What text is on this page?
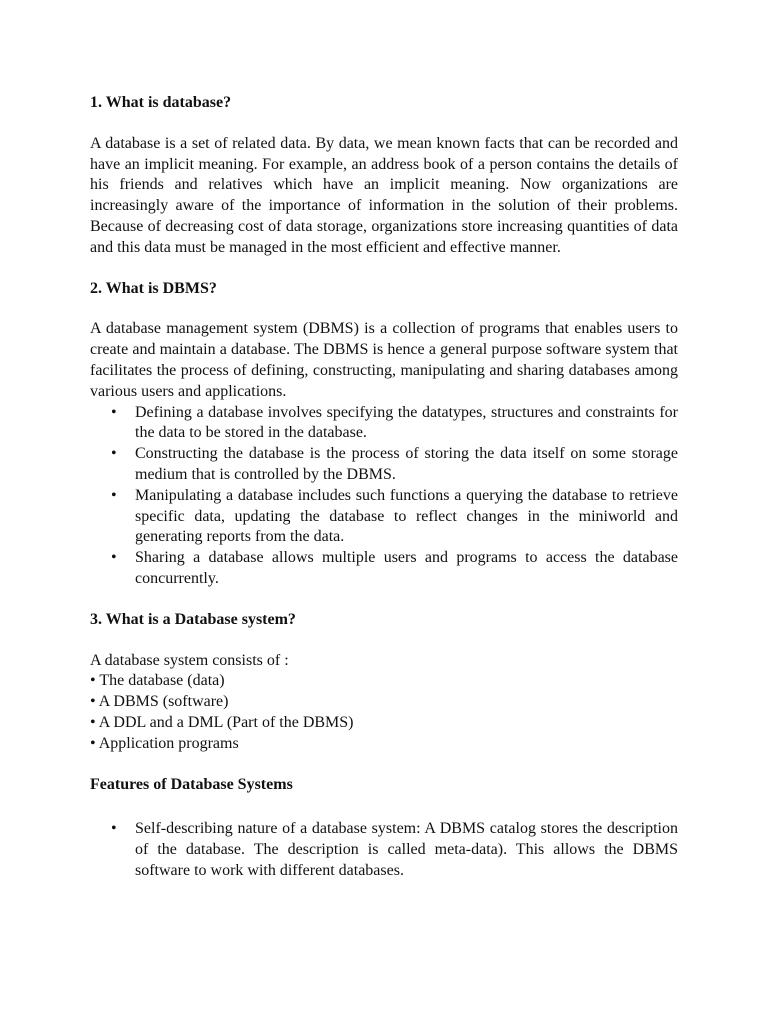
1. What is database?

A database is a set of related data. By data, we mean known facts that can be recorded and have an implicit meaning. For example, an address book of a person contains the details of his friends and relatives which have an implicit meaning. Now organizations are increasingly aware of the importance of information in the solution of their problems. Because of decreasing cost of data storage, organizations store increasing quantities of data and this data must be managed in the most efficient and effective manner.

2. What is DBMS?

A database management system (DBMS) is a collection of programs that enables users to create and maintain a database. The DBMS is hence a general purpose software system that facilitates the process of defining, constructing, manipulating and sharing databases among various users and applications.

• Defining a database involves specifying the datatypes, structures and constraints for the data to be stored in the database.
• Constructing the database is the process of storing the data itself on some storage medium that is controlled by the DBMS.
• Manipulating a database includes such functions a querying the database to retrieve specific data, updating the database to reflect changes in the miniworld and generating reports from the data.
• Sharing a database allows multiple users and programs to access the database concurrently.

3. What is a Database system?

A database system consists of :

• The database (data)

• A DBMS (software)

• A DDL and a DML (Part of the DBMS)

• Application programs

Features of Database Systems

• Self-describing nature of a database system: A DBMS catalog stores the description of the database. The description is called meta-data). This allows the DBMS software to work with different databases.
